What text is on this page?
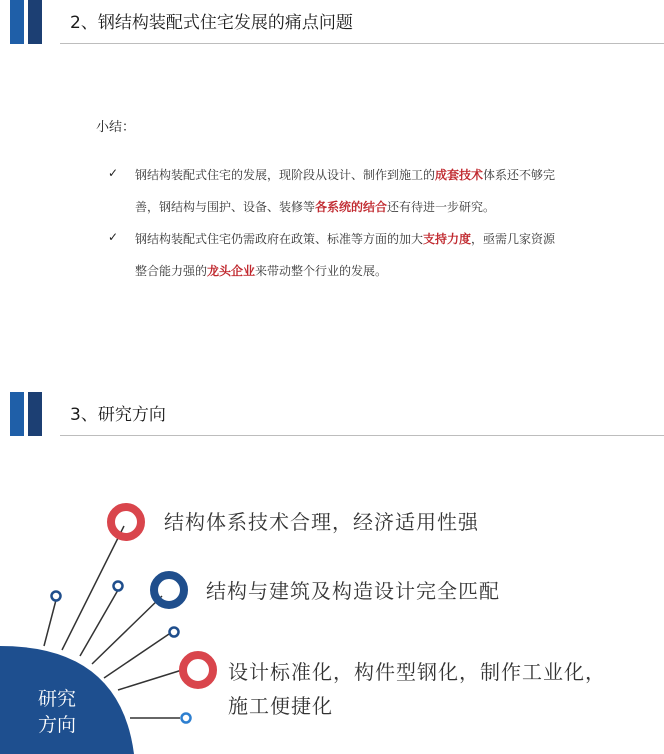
2、钢结构装配式住宅发展的痛点问题
小结：
✓ 钢结构装配式住宅的发展，现阶段从设计、制作到施工的成套技术体系还不够完
善，钢结构与围护、设备、装修等各系统的结合还有待进一步研究。
✓ 钢结构装配式住宅仍需政府在政策、标准等方面的加大支持力度，亟需几家资源
整合能力强的龙头企业来带动整个行业的发展。
3、研究方向
研究
方向
结构体系技术合理，经济适用性强
结构与建筑及构造设计完全匹配
设计标准化，构件型钢化，制作工业化，
施工便捷化
